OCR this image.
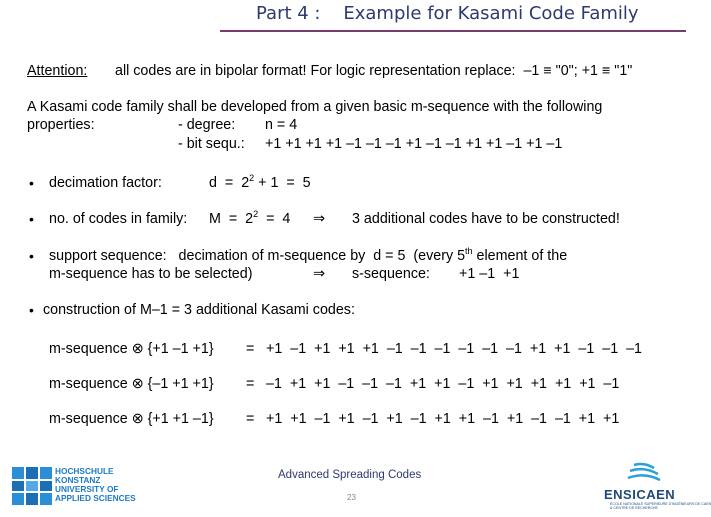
Part 4 :    Example for Kasami Code Family
Attention: all codes are in bipolar format! For logic representation replace:  –1 ≡ "0"; +1 ≡ "1"
A Kasami code family shall be developed from a given basic m-sequence with the following
properties:	- degree: n = 4
- bit sequ.: +1 +1 +1 +1 –1 –1 –1 +1 –1 –1 +1 +1 –1 +1 –1
• decimation factor:	$d = 2^2 + 1 = 5$
• no. of codes in family: $M = 2^2 = 4$ ⇒ 3 additional codes have to be constructed!
• support sequence:   decimation of m-sequence by  d = 5  (every 5th element of the
m-sequence has to be selected)	⇒ s-sequence: +1 –1  +1
• construction of M–1 = 3 additional Kasami codes:
m-sequence ⊗ {+1 –1 +1} = +1  –1  +1  +1  +1  –1  –1  –1  –1  –1  –1  +1  +1  –1  –1  –1
m-sequence ⊗ {–1 +1 +1} = –1  +1  +1  –1  –1  –1  +1  +1  –1  +1  +1  +1  +1  +1  –1
m-sequence ⊗ {+1 +1 –1} = +1  +1  –1  +1  –1  +1  –1  +1  +1  –1  +1  –1  –1  +1  +1
HOCHSCHULE
KONSTANZ
UNIVERSITY OF
APPLIED SCIENCES
Advanced Spreading Codes
23	ENSICAEN
ÉCOLE NATIONALE SUPÉRIEURE D'INGÉNIEURS DE CAEN
& CENTRE DE RECHERCHE
